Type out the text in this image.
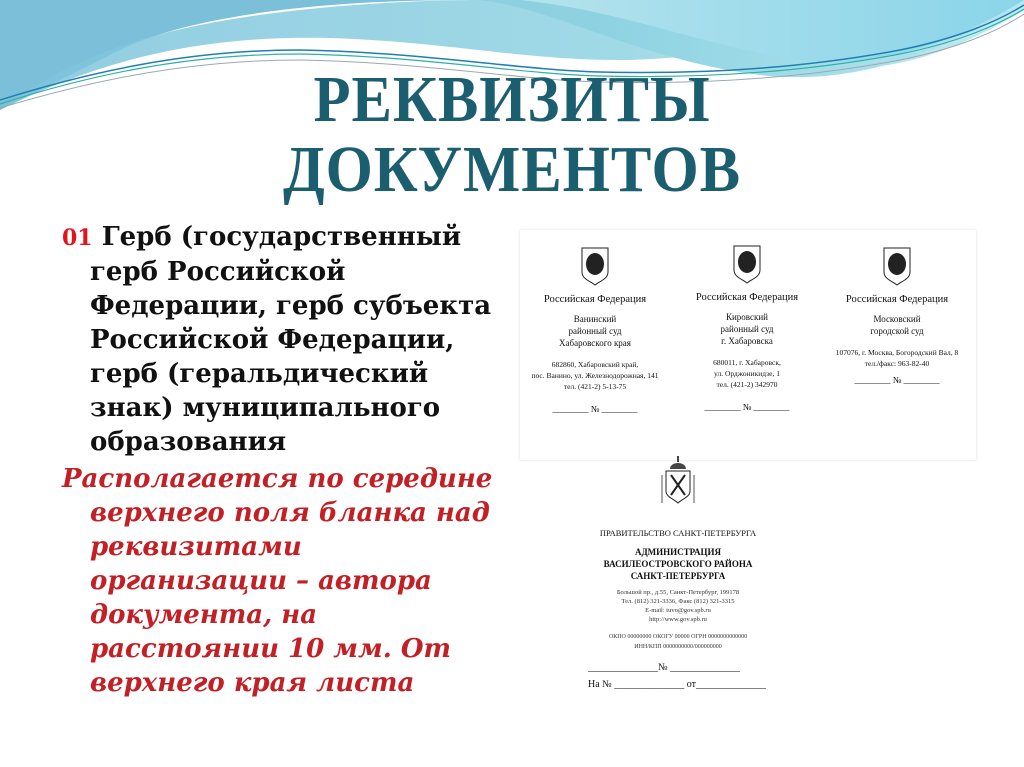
РЕКВИЗИТЫ
ДОКУМЕНТОВ
01 Герб (государственный
герб Российской
Федерации, герб субъекта
Российской Федерации,
герб (геральдический
знак) муниципального
образования
Располагается по середине
верхнего поля бланка над
реквизитами
организации – автора
документа, на
расстоянии 10 мм. От
верхнего края листа
Российская Федерация
Ванинский
районный суд
Хабаровского края
682860, Хабаровский край,
пос. Ванино, ул. Железнодорожная, 141
тел. (421-2) 5-13-75
________ № ________
Российская Федерация
Кировский
районный суд
г. Хабаровска
680011, г. Хабаровск,
ул. Орджоникидзе, 1
тел. (421-2) 342970
________ № ________
Российская Федерация
Московский
городской суд
107076, г. Москва, Богородский Вал, 8
тел./факс: 963-82-40
________ № ________
ПРАВИТЕЛЬСТВО САНКТ-ПЕТЕРБУРГА
АДМИНИСТРАЦИЯ
ВАСИЛЕОСТРОВСКОГО РАЙОНА
САНКТ-ПЕТЕРБУРГА
Большой пр., д.55, Санкт-Петербург, 199178
Тел. (812) 321-3336, Факс (812) 321-3315
E-mail: tuvo@gov.spb.ru
http://www.gov.spb.ru
ОКПО 00000000 ОКОГУ 00000 ОГРН 0000000000000
ИНН/КПП 0000000000/000000000
______________№ ______________
На № ______________ от______________
